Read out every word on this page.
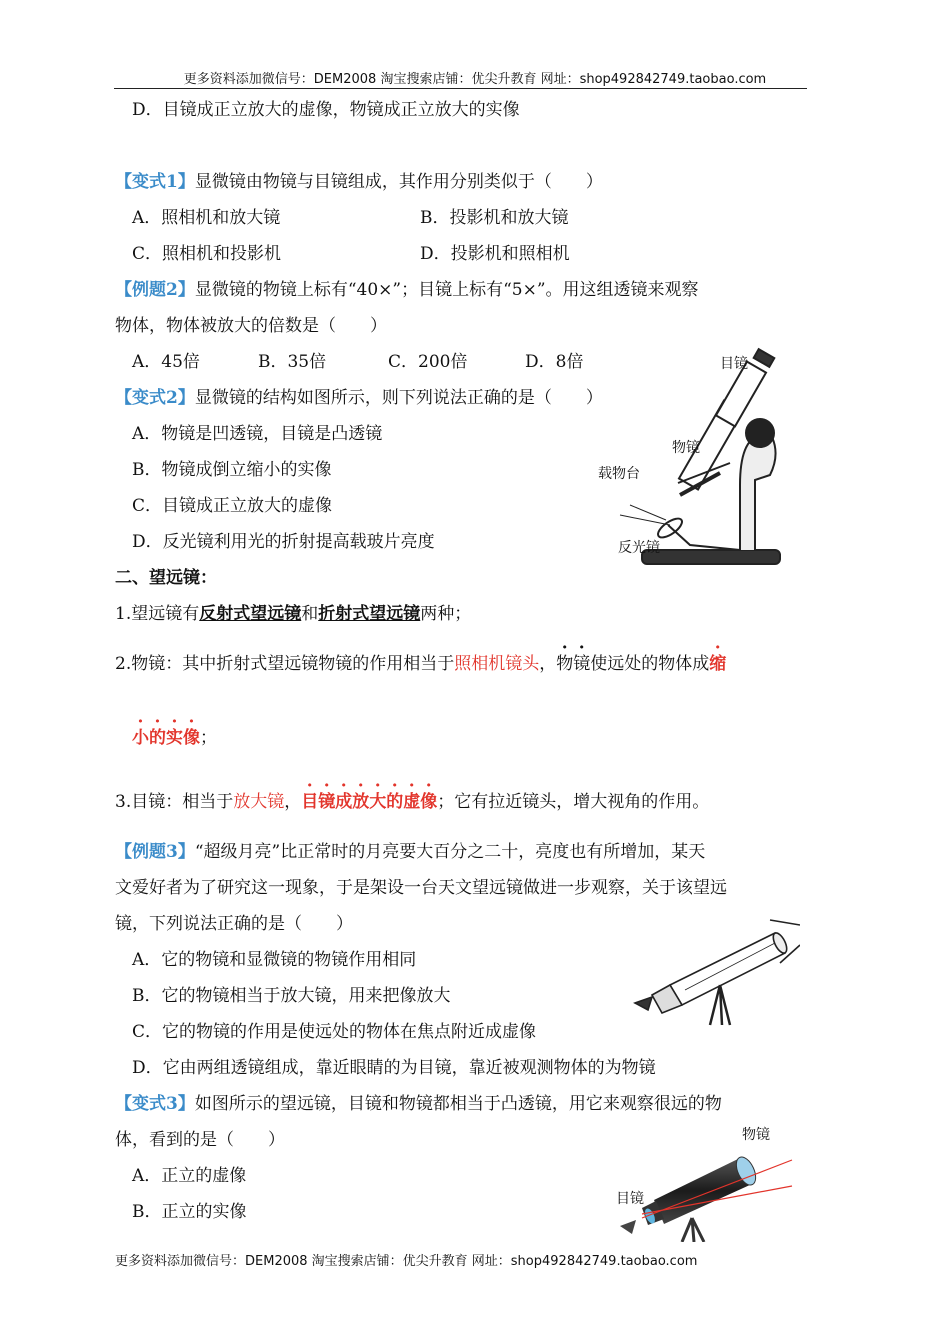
更多资料添加微信号：DEM2008 淘宝搜索店铺：优尖升教育 网址：shop492842749.taobao.com
D．目镜成正立放大的虚像，物镜成正立放大的实像
【变式1】显微镜由物镜与目镜组成，其作用分别类似于（　　）
A．照相机和放大镜	B．投影机和放大镜
C．照相机和投影机	D．投影机和照相机
【例题2】显微镜的物镜上标有“40×”；目镜上标有“5×”。用这组透镜来观察
物体，物体被放大的倍数是（　　）
A．45倍	B．35倍	C．200倍	D．8倍
【变式2】显微镜的结构如图所示，则下列说法正确的是（　　）
A．物镜是凹透镜，目镜是凸透镜
B．物镜成倒立缩小的实像
C．目镜成正立放大的虚像
D．反光镜利用光的折射提高载玻片亮度
目镜
物镜
载物台
反光镜
二、望远镜：
1.望远镜有反射式望远镜和折射式望远镜两种；
2.物镜：其中折射式望远镜物镜的作用相当于照相机镜头，物镜使远处的物体成缩
小的实像；
3.目镜：相当于放大镜，目镜成放大的虚像；它有拉近镜头，增大视角的作用。
【例题3】“超级月亮”比正常时的月亮要大百分之二十，亮度也有所增加，某天
文爱好者为了研究这一现象，于是架设一台天文望远镜做进一步观察，关于该望远
镜，下列说法正确的是（　　）
A．它的物镜和显微镜的物镜作用相同
B．它的物镜相当于放大镜，用来把像放大
C．它的物镜的作用是使远处的物体在焦点附近成虚像
D．它由两组透镜组成，靠近眼睛的为目镜，靠近被观测物体的为物镜
【变式3】如图所示的望远镜，目镜和物镜都相当于凸透镜，用它来观察很远的物
体，看到的是（　　）
A．正立的虚像
B．正立的实像
物镜
目镜
更多资料添加微信号：DEM2008 淘宝搜索店铺：优尖升教育 网址：shop492842749.taobao.com
